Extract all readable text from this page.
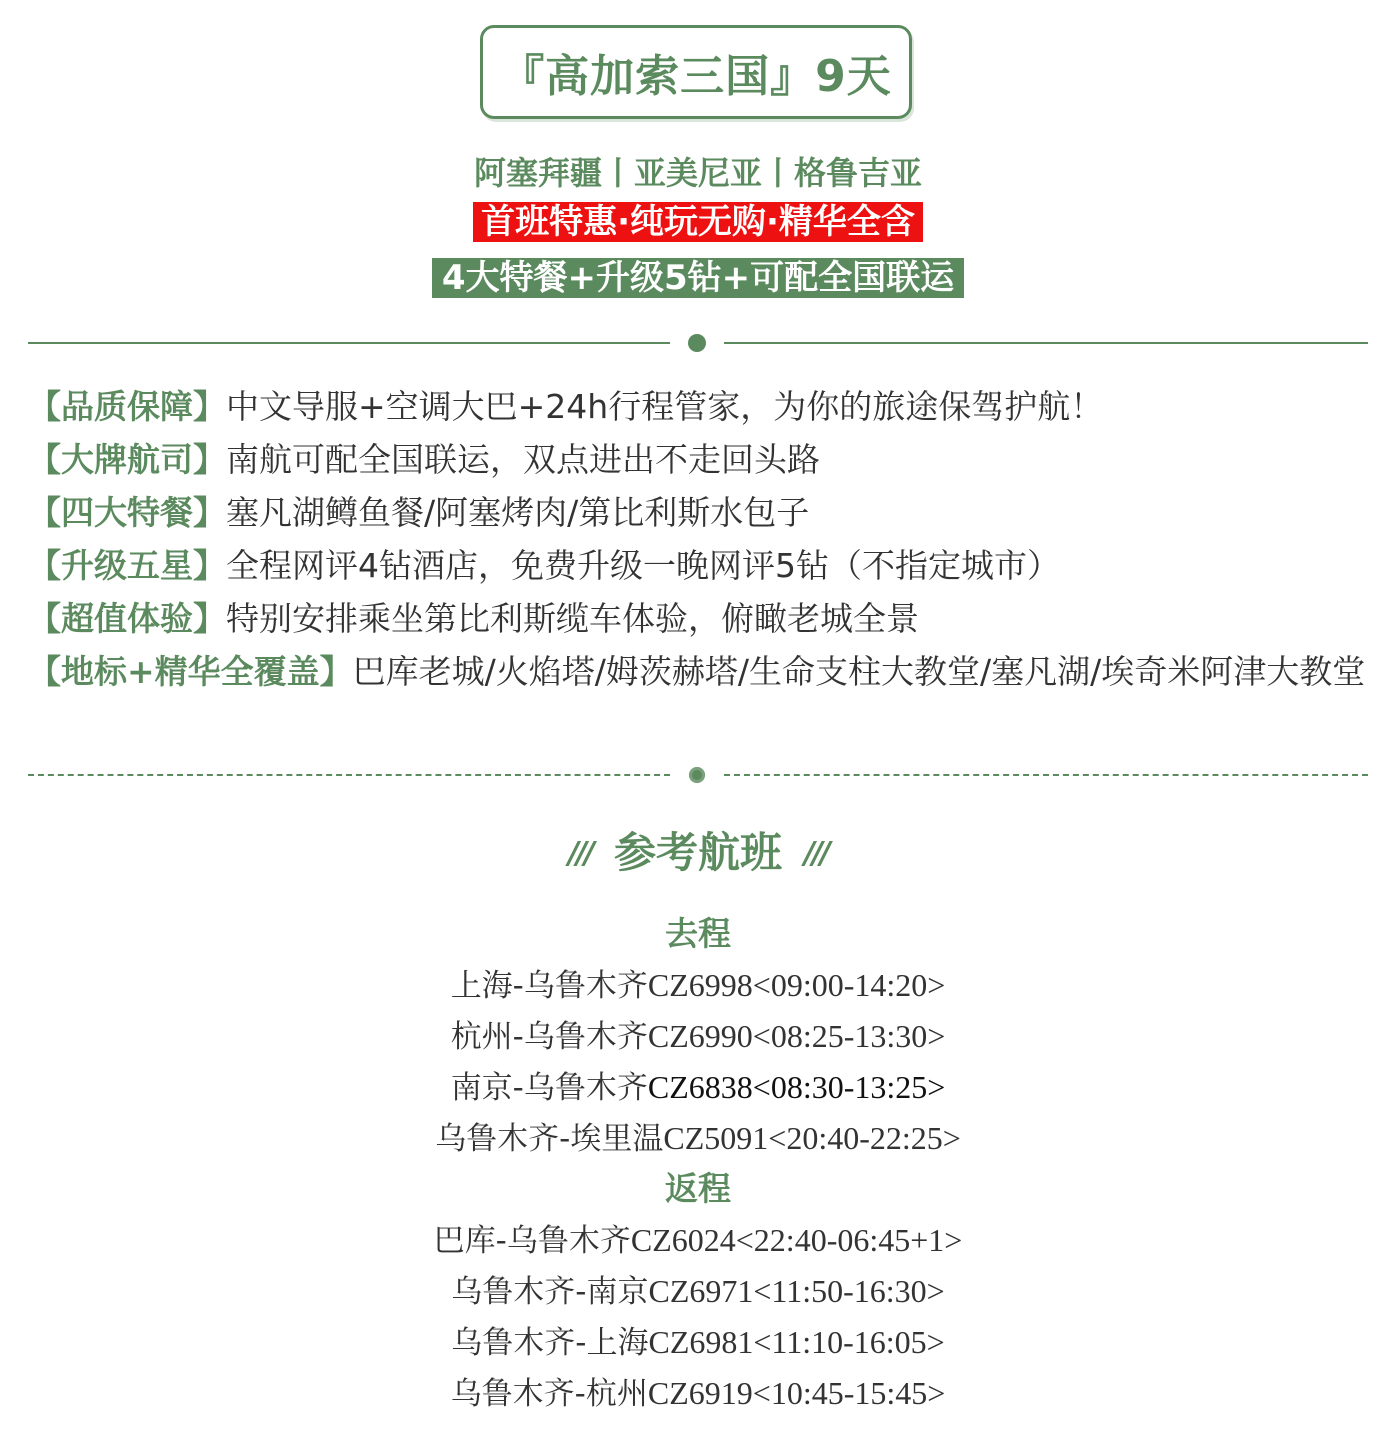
『高加索三国』9天
阿塞拜疆丨亚美尼亚丨格鲁吉亚
首班特惠·纯玩无购·精华全含
4大特餐+升级5钻+可配全国联运

【品质保障】中文导服+空调大巴+24h行程管家，为你的旅途保驾护航！

【大牌航司】南航可配全国联运，双点进出不走回头路

【四大特餐】塞凡湖鳟鱼餐/阿塞烤肉/第比利斯水包子

【升级五星】全程网评4钻酒店，免费升级一晚网评5钻（不指定城市）

【超值体验】特别安排乘坐第比利斯缆车体验，俯瞰老城全景

【地标+精华全覆盖】巴库老城/火焰塔/姆茨赫塔/生命支柱大教堂/塞凡湖/埃奇米阿津大教堂

/// 参考航班 ///
去程
上海-乌鲁木齐CZ6998<09:00-14:20>
杭州-乌鲁木齐CZ6990<08:25-13:30>
南京-乌鲁木齐CZ6838<08:30-13:25>
乌鲁木齐-埃里温CZ5091<20:40-22:25>
返程
巴库-乌鲁木齐CZ6024<22:40-06:45+1>
乌鲁木齐-南京CZ6971<11:50-16:30>
乌鲁木齐-上海CZ6981<11:10-16:05>
乌鲁木齐-杭州CZ6919<10:45-15:45>
